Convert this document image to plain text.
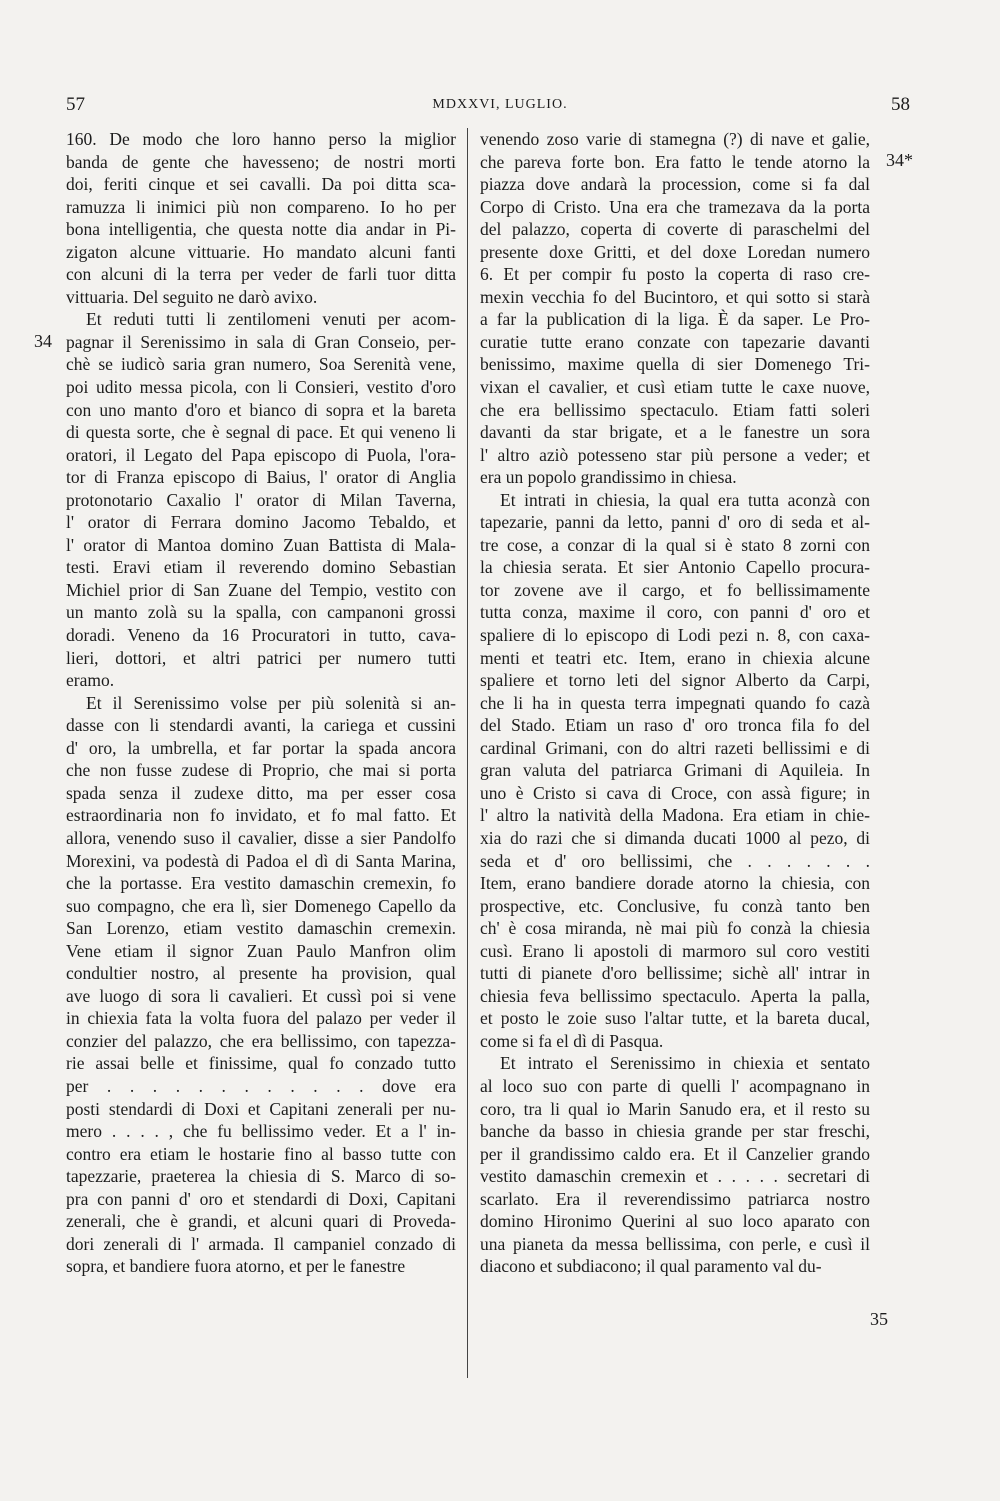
57	MDXXVI, LUGLIO.	58
34
34*
35

160. De modo che loro hanno perso la miglior

banda de gente che havesseno; de nostri morti

doi, feriti cinque et sei cavalli. Da poi ditta sca-

ramuzza li inimici più non compareno. Io ho per

bona intelligentia, che questa notte dia andar in Pi-

zigaton alcune vittuarie. Ho mandato alcuni fanti

con alcuni di la terra per veder de farli tuor ditta

vittuaria. Del seguito ne darò avixo.

Et reduti tutti li zentilomeni venuti per acom-

pagnar il Serenissimo in sala di Gran Conseio, per-

chè se iudicò saria gran numero, Soa Serenità vene,

poi udito messa picola, con li Consieri, vestito d'oro

con uno manto d'oro et bianco di sopra et la bareta

di questa sorte, che è segnal di pace. Et qui veneno li

oratori, il Legato del Papa episcopo di Puola, l'ora-

tor di Franza episcopo di Baius, l' orator di Anglia

protonotario Caxalio l' orator di Milan Taverna,

l' orator di Ferrara domino Jacomo Tebaldo, et

l' orator di Mantoa domino Zuan Battista di Mala-

testi. Eravi etiam il reverendo domino Sebastian

Michiel prior di San Zuane del Tempio, vestito con

un manto zolà su la spalla, con campanoni grossi

doradi. Veneno da 16 Procuratori in tutto, cava-

lieri, dottori, et altri patrici per numero tutti

eramo.

Et il Serenissimo volse per più solenità si an-

dasse con li stendardi avanti, la cariega et cussini

d' oro, la umbrella, et far portar la spada ancora

che non fusse zudese di Proprio, che mai si porta

spada senza il zudexe ditto, ma per esser cosa

estraordinaria non fo invidato, et fo mal fatto. Et

allora, venendo suso il cavalier, disse a sier Pandolfo

Morexini, va podestà di Padoa el dì di Santa Marina,

che la portasse. Era vestito damaschin cremexin, fo

suo compagno, che era lì, sier Domenego Capello da

San Lorenzo, etiam vestito damaschin cremexin.

Vene etiam il signor Zuan Paulo Manfron olim

condultier nostro, al presente ha provision, qual

ave luogo di sora li cavalieri. Et cussì poi si vene

in chiexia fata la volta fuora del palazo per veder il

conzier del palazzo, che era bellissimo, con tapezza-

rie assai belle et finissime, qual fo conzado tutto

per . . . . . . . . . . . . dove era

posti stendardi di Doxi et Capitani zenerali per nu-

mero . . . . , che fu bellissimo veder. Et a l' in-

contro era etiam le hostarie fino al basso tutte con

tapezzarie, praeterea la chiesia di S. Marco di so-

pra con panni d' oro et stendardi di Doxi, Capitani

zenerali, che è grandi, et alcuni quari di Proveda-

dori zenerali di l' armada. Il campaniel conzado di

sopra, et bandiere fuora atorno, et per le fanestre

venendo zoso varie di stamegna (?) di nave et galie,

che pareva forte bon. Era fatto le tende atorno la

piazza dove andarà la procession, come si fa dal

Corpo di Cristo. Una era che tramezava da la porta

del palazzo, coperta di coverte di paraschelmi del

presente doxe Gritti, et del doxe Loredan numero

6. Et per compir fu posto la coperta di raso cre-

mexin vecchia fo del Bucintoro, et qui sotto si starà

a far la publication di la liga. È da saper. Le Pro-

curatie tutte erano conzate con tapezarie davanti

benissimo, maxime quella di sier Domenego Tri-

vixan el cavalier, et cusì etiam tutte le caxe nuove,

che era bellissimo spectaculo. Etiam fatti soleri

davanti da star brigate, et a le fanestre un sora

l' altro aziò potesseno star più persone a veder; et

era un popolo grandissimo in chiesa.

Et intrati in chiesia, la qual era tutta aconzà con

tapezarie, panni da letto, panni d' oro di seda et al-

tre cose, a conzar di la qual si è stato 8 zorni con

la chiesia serata. Et sier Antonio Capello procura-

tor zovene ave il cargo, et fo bellissimamente

tutta conza, maxime il coro, con panni d' oro et

spaliere di lo episcopo di Lodi pezi n. 8, con caxa-

menti et teatri etc. Item, erano in chiexia alcune

spaliere et torno leti del signor Alberto da Carpi,

che li ha in questa terra impegnati quando fo cazà

del Stado. Etiam un raso d' oro tronca fila fo del

cardinal Grimani, con do altri razeti bellissimi e di

gran valuta del patriarca Grimani di Aquileia. In

uno è Cristo si cava di Croce, con assà figure; in

l' altro la natività della Madona. Era etiam in chie-

xia do razi che si dimanda ducati 1000 al pezo, di

seda et d' oro bellissimi, che . . . . . . .

Item, erano bandiere dorade atorno la chiesia, con

prospective, etc. Conclusive, fu conzà tanto ben

ch' è cosa miranda, nè mai più fo conzà la chiesia

cusì. Erano li apostoli di marmoro sul coro vestiti

tutti di pianete d'oro bellissime; sichè all' intrar in

chiesia feva bellissimo spectaculo. Aperta la palla,

et posto le zoie suso l'altar tutte, et la bareta ducal,

come si fa el dì di Pasqua.

Et intrato el Serenissimo in chiexia et sentato

al loco suo con parte di quelli l' acompagnano in

coro, tra li qual io Marin Sanudo era, et il resto su

banche da basso in chiesia grande per star freschi,

per il grandissimo caldo era. Et il Canzelier grando

vestito damaschin cremexin et . . . . . secretari di

scarlato. Era il reverendissimo patriarca nostro

domino Hironimo Querini al suo loco aparato con

una pianeta da messa bellissima, con perle, e cusì il

diacono et subdiacono; il qual paramento val du-
